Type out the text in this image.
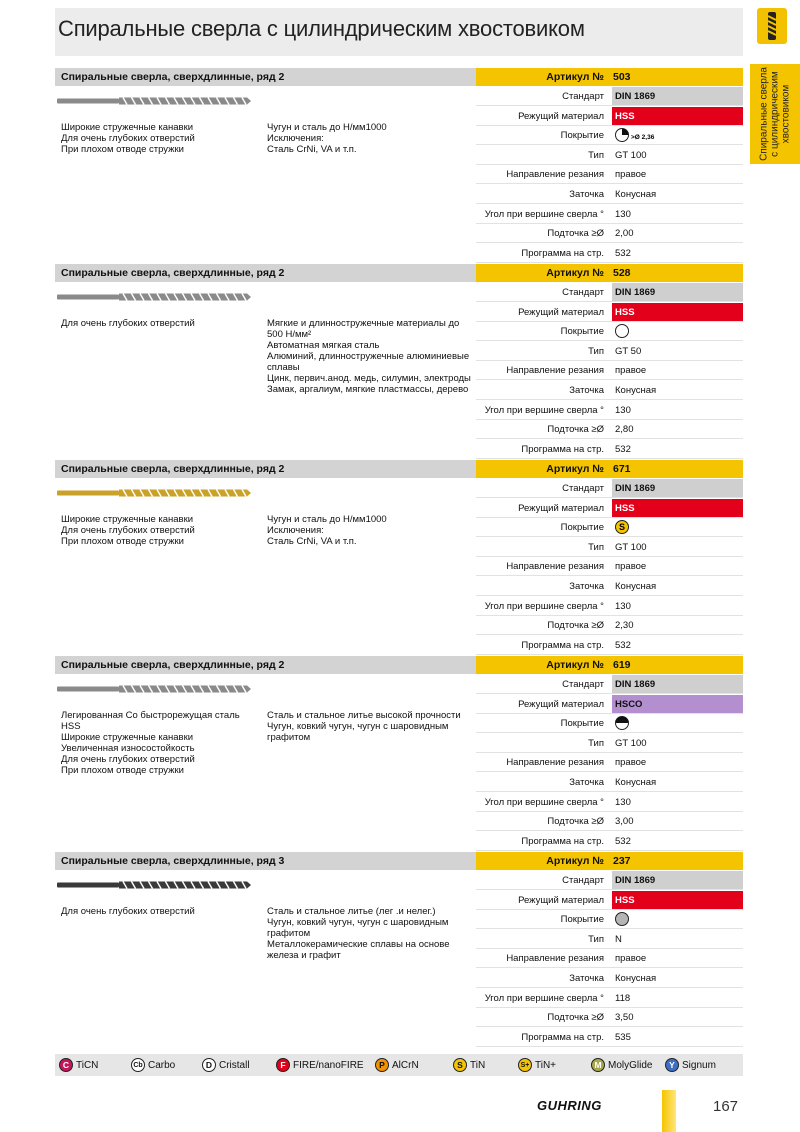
Спиральные сверла с цилиндрическим хвостовиком
Спиральные сверла с цилиндрическим хвостовиком
Спиральные сверла, сверхдлинные, ряд 2	Артикул № 503
Широкие стружечные канавки
Для очень глубоких отверстий
При плохом отводе стружки
Чугун и сталь до Н/мм1000
Исключения:
Сталь CrNi, VA и т.п.
Стандарт	DIN 1869
Режущий материал	HSS
Покрытие	>Ø 2,36
Тип	GT 100
Направление резания	правое
Заточка	Конусная
Угол при вершине сверла °	130
Подточка ≥Ø	2,00
Программа на стр.	532
Спиральные сверла, сверхдлинные, ряд 2	Артикул № 528
Для очень глубоких отверстий	Мягкие и длинностружечные материалы до 500 Н/мм²
Автоматная мягкая сталь
Алюминий, длинностружечные алюминиевые сплавы
Цинк, первич.анод. медь, силумин, электроды
Замак, аргалиум, мягкие пластмассы, дерево
Стандарт	DIN 1869
Режущий материал	HSS
Покрытие
Тип	GT 50
Направление резания	правое
Заточка	Конусная
Угол при вершине сверла °	130
Подточка ≥Ø	2,80
Программа на стр.	532
Спиральные сверла, сверхдлинные, ряд 2	Артикул № 671
Широкие стружечные канавки
Для очень глубоких отверстий
При плохом отводе стружки
Чугун и сталь до Н/мм1000
Исключения:
Сталь CrNi, VA и т.п.
Стандарт	DIN 1869
Режущий материал	HSS
Покрытие S
Тип	GT 100
Направление резания	правое
Заточка	Конусная
Угол при вершине сверла °	130
Подточка ≥Ø	2,30
Программа на стр.	532
Спиральные сверла, сверхдлинные, ряд 2	Артикул № 619
Легированная Со быстрорежущая сталь HSS
Широкие стружечные канавки
Увеличенная износостойкость
Для очень глубоких отверстий
При плохом отводе стружки
Сталь и стальное литье высокой прочности
Чугун, ковкий чугун, чугун с шаровидным графитом
Стандарт	DIN 1869
Режущий материал	HSCO
Покрытие
Тип	GT 100
Направление резания	правое
Заточка	Конусная
Угол при вершине сверла °	130
Подточка ≥Ø	3,00
Программа на стр.	532
Спиральные сверла, сверхдлинные, ряд 3	Артикул № 237
Для очень глубоких отверстий	Сталь и стальное литье (лег .и нелег.)
Чугун, ковкий чугун, чугун с шаровидным графитом
Металлокерамические сплавы на основе железа и графит
Стандарт	DIN 1869
Режущий материал	HSS
Покрытие
Тип	N
Направление резания	правое
Заточка	Конусная
Угол при вершине сверла °	118
Подточка ≥Ø	3,50
Программа на стр.	535
C TiCN	Cb Carbo	D Cristall	F FIRE/nanoFIRE	P AlCrN	S TiN	S+ TiN+	M MolyGlide	Y Signum
GUHRING	167
